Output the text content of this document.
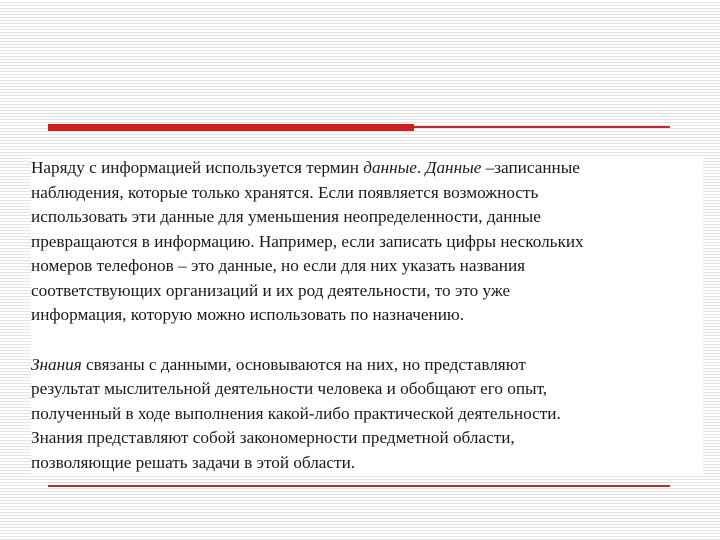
Наряду с информацией используется термин данные. Данные –записанные
наблюдения, которые только хранятся. Если появляется возможность
использовать эти данные для уменьшения неопределенности, данные
превращаются в информацию. Например, если записать цифры нескольких
номеров телефонов – это данные, но если для них указать названия
соответствующих организаций и их род деятельности, то это уже
информация, которую можно использовать по назначению.

Знания связаны с данными, основываются на них, но представляют
результат мыслительной деятельности человека и обобщают его опыт,
полученный в ходе выполнения какой-либо практической деятельности.
Знания представляют собой закономерности предметной области,
позволяющие решать задачи в этой области.
